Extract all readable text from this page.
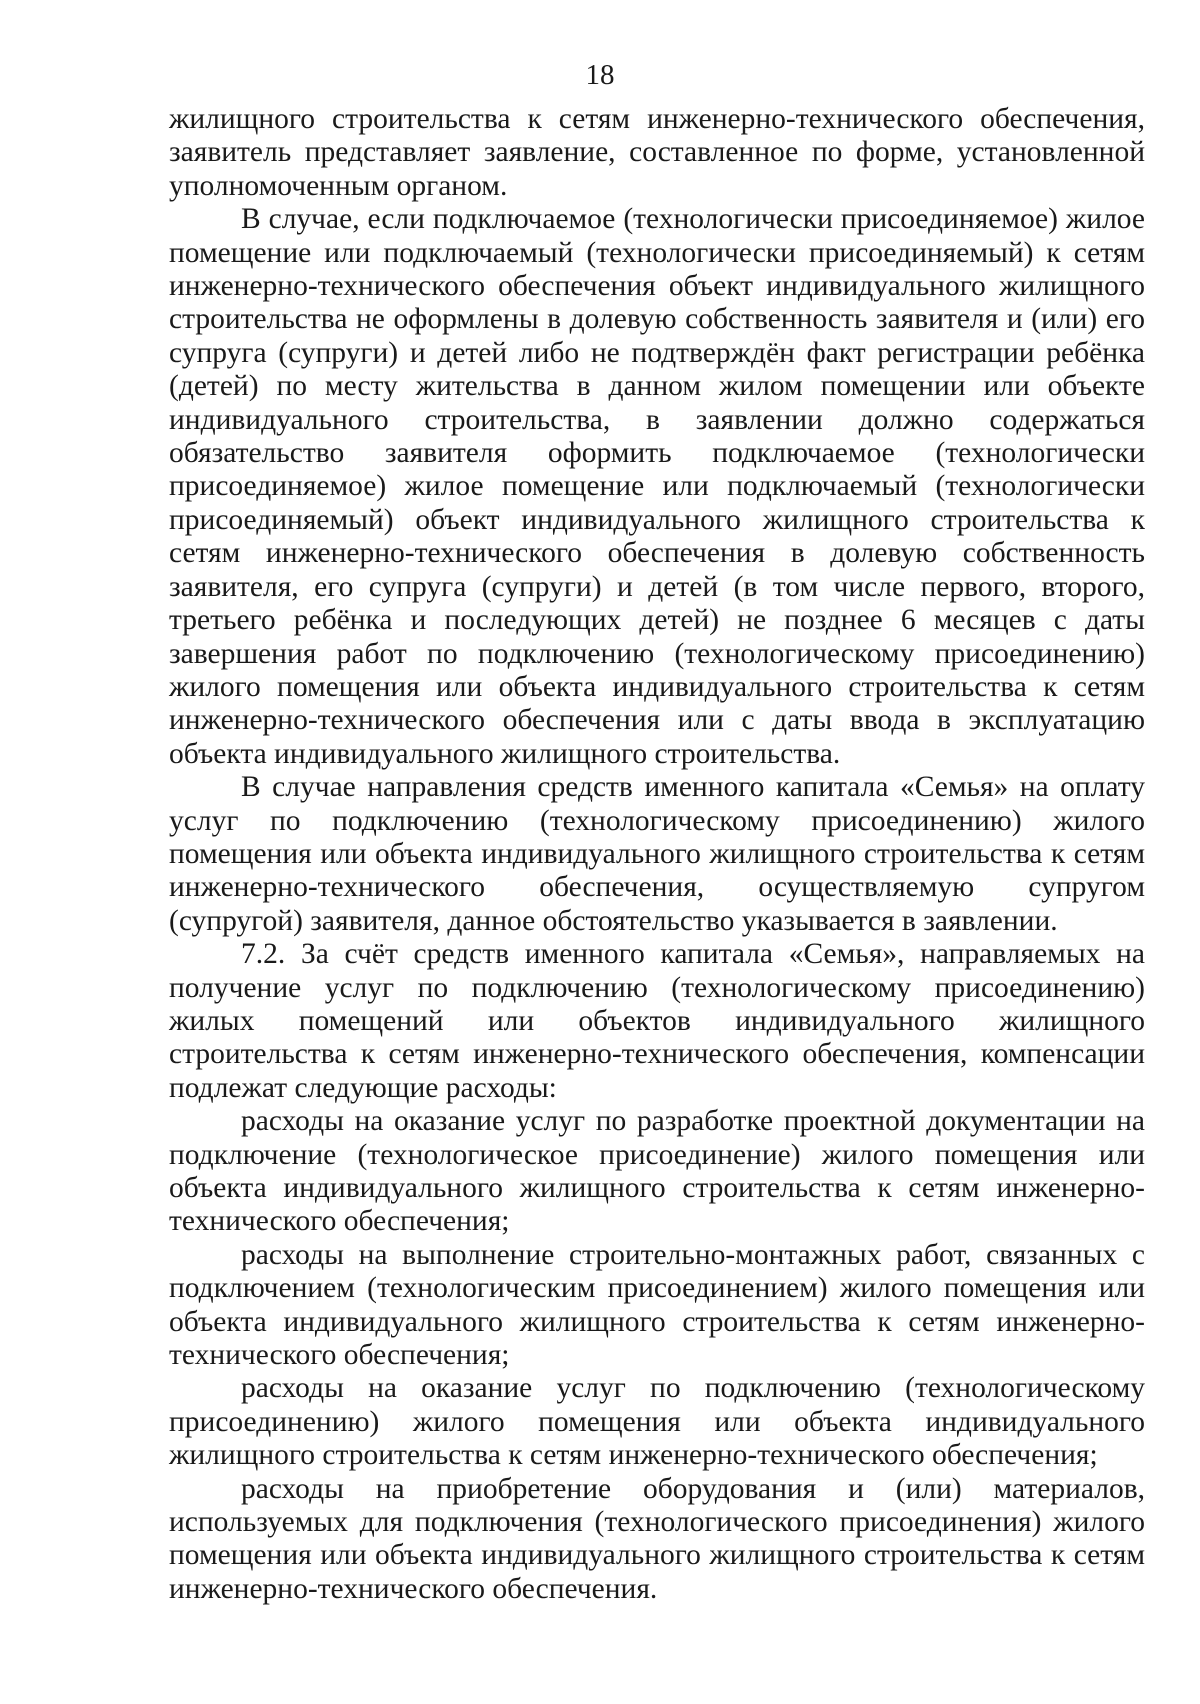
18

жилищного строительства к сетям инженерно-технического обеспечения, заявитель представляет заявление, составленное по форме, установленной уполномоченным органом.

В случае, если подключаемое (технологически присоединяемое) жилое помещение или подключаемый (технологически присоединяемый) к сетям инженерно-технического обеспечения объект индивидуального жилищного строительства не оформлены в долевую собственность заявителя и (или) его супруга (супруги) и детей либо не подтверждён факт регистрации ребёнка (детей) по месту жительства в данном жилом помещении или объекте индивидуального строительства, в заявлении должно содержаться обязательство заявителя оформить подключаемое (технологически присоединяемое) жилое помещение или подключаемый (технологически присоединяемый) объект индивидуального жилищного строительства к сетям инженерно-технического обеспечения в долевую собственность заявителя, его супруга (супруги) и детей (в том числе первого, второго, третьего ребёнка и последующих детей) не позднее 6 месяцев с даты завершения работ по подключению (технологическому присоединению) жилого помещения или объекта индивидуального строительства к сетям инженерно-технического обеспечения или с даты ввода в эксплуатацию объекта индивидуального жилищного строительства.

В случае направления средств именного капитала «Семья» на оплату услуг по подключению (технологическому присоединению) жилого помещения или объекта индивидуального жилищного строительства к сетям инженерно-технического обеспечения, осуществляемую супругом (супругой) заявителя, данное обстоятельство указывается в заявлении.

7.2. За счёт средств именного капитала «Семья», направляемых на получение услуг по подключению (технологическому присоединению) жилых помещений или объектов индивидуального жилищного строительства к сетям инженерно-технического обеспечения, компенсации подлежат следующие расходы:

расходы на оказание услуг по разработке проектной документации на подключение (технологическое присоединение) жилого помещения или объекта индивидуального жилищного строительства к сетям инженерно-технического обеспечения;

расходы на выполнение строительно-монтажных работ, связанных с подключением (технологическим присоединением) жилого помещения или объекта индивидуального жилищного строительства к сетям инженерно-технического обеспечения;

расходы на оказание услуг по подключению (технологическому присоединению) жилого помещения или объекта индивидуального жилищного строительства к сетям инженерно-технического обеспечения;

расходы на приобретение оборудования и (или) материалов, используемых для подключения (технологического присоединения) жилого помещения или объекта индивидуального жилищного строительства к сетям инженерно-технического обеспечения.
